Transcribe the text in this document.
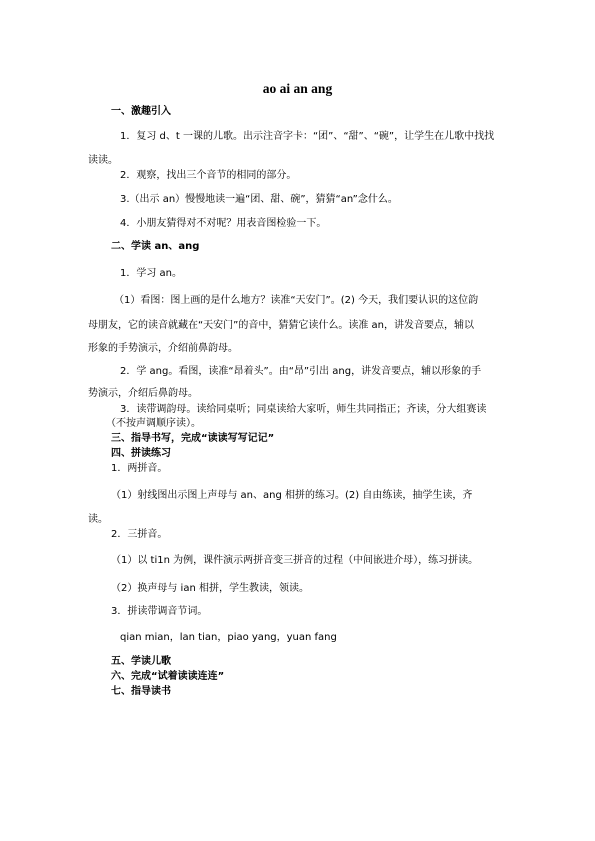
ao ai an ang
一、激趣引入
1．复习 d、t 一课的儿歌。出示注音字卡：“团”、“甜”、“碗”，让学生在儿歌中找找
读读。
2．观察，找出三个音节的相同的部分。
3.（出示 an）慢慢地读一遍“团、甜、碗”，猜猜“an”念什么。
4．小朋友猜得对不对呢？用表音图检验一下。
二、学读 an、ang
1．学习 an。
（1）看图：图上画的是什么地方？读准“天安门”。(2) 今天，我们要认识的这位韵
母朋友，它的读音就藏在“天安门”的音中，猜猜它读什么。读准 an，讲发音要点，辅以
形象的手势演示，介绍前鼻韵母。
2．学 ang。看图，读准“昂着头”。由“昂”引出 ang，讲发音要点，辅以形象的手
势演示，介绍后鼻韵母。
3．读带调韵母。读给同桌听；同桌读给大家听，师生共同指正；齐读，分大组赛读
（不按声调顺序读）。
三、指导书写，完成“读读写写记记”
四、拼读练习
1．两拼音。
（1）射线图出示图上声母与 an、ang 相拼的练习。(2) 自由练读，抽学生读，齐
读。
2．三拼音。
（1）以 ti1n 为例，课件演示两拼音变三拼音的过程（中间嵌进介母），练习拼读。
（2）换声母与 ian 相拼，学生教读，领读。
3．拼读带调音节词。
qian mian，lan tian，piao yang，yuan fang
五、学读儿歌
六、完成“试着读读连连”
七、指导读书
